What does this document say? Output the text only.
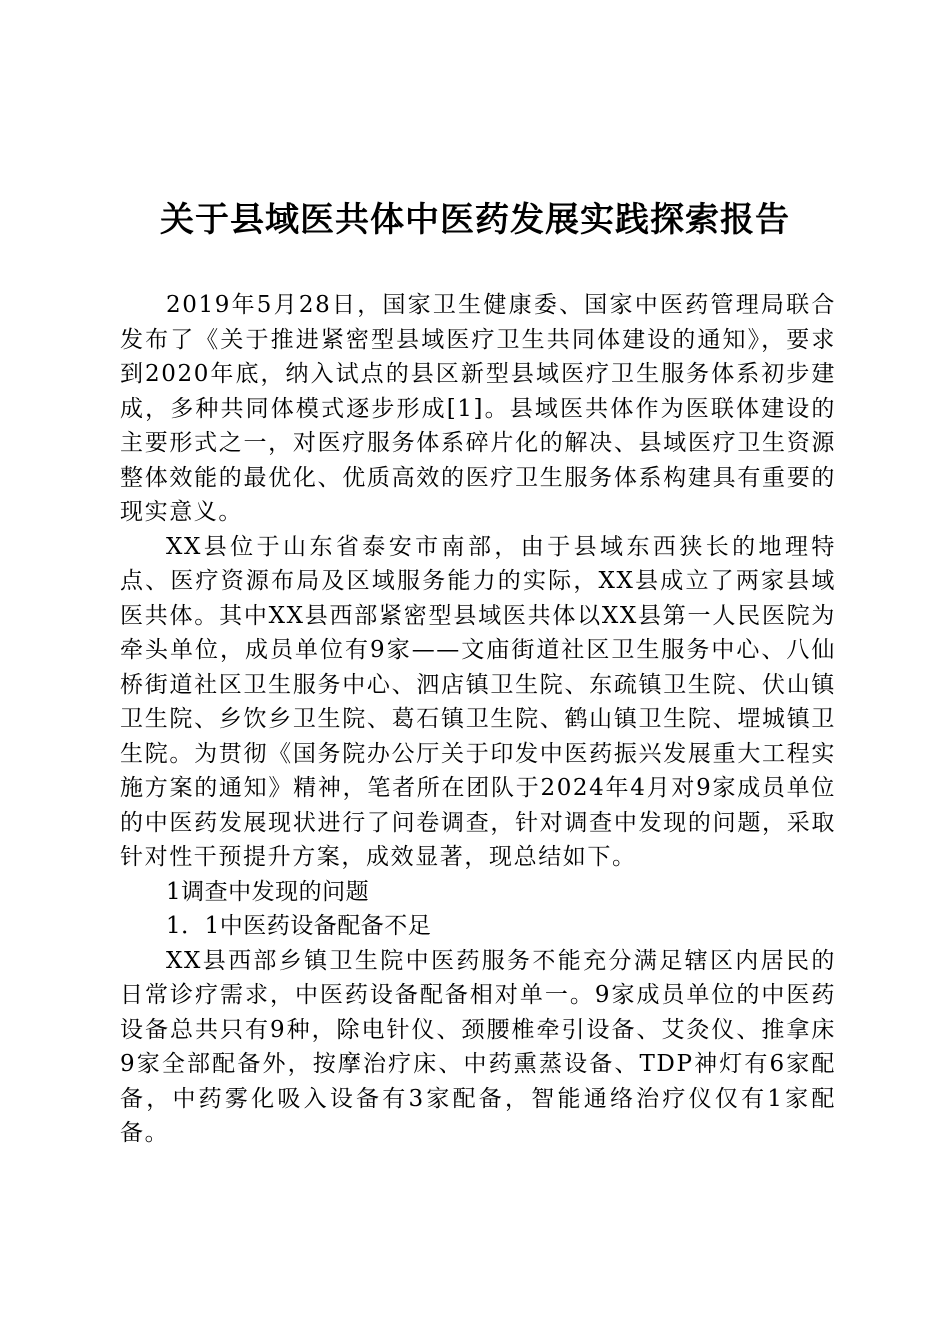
关于县域医共体中医药发展实践探索报告

2019年5月28日，国家卫生健康委、国家中医药管理局联合发布了《关于推进紧密型县域医疗卫生共同体建设的通知》，要求到2020年底，纳入试点的县区新型县域医疗卫生服务体系初步建成，多种共同体模式逐步形成[1]。县域医共体作为医联体建设的主要形式之一，对医疗服务体系碎片化的解决、县域医疗卫生资源整体效能的最优化、优质高效的医疗卫生服务体系构建具有重要的现实意义。

XX县位于山东省泰安市南部，由于县域东西狭长的地理特点、医疗资源布局及区域服务能力的实际，XX县成立了两家县域医共体。其中XX县西部紧密型县域医共体以XX县第一人民医院为牵头单位，成员单位有9家——文庙街道社区卫生服务中心、八仙桥街道社区卫生服务中心、泗店镇卫生院、东疏镇卫生院、伏山镇卫生院、乡饮乡卫生院、葛石镇卫生院、鹤山镇卫生院、堽城镇卫生院。为贯彻《国务院办公厅关于印发中医药振兴发展重大工程实施方案的通知》精神，笔者所在团队于2024年4月对9家成员单位的中医药发展现状进行了问卷调查，针对调查中发现的问题，采取针对性干预提升方案，成效显著，现总结如下。

1调查中发现的问题

1．1中医药设备配备不足

XX县西部乡镇卫生院中医药服务不能充分满足辖区内居民的日常诊疗需求，中医药设备配备相对单一。9家成员单位的中医药设备总共只有9种，除电针仪、颈腰椎牵引设备、艾灸仪、推拿床9家全部配备外，按摩治疗床、中药熏蒸设备、TDP神灯有6家配备，中药雾化吸入设备有3家配备，智能通络治疗仪仅有1家配备。
